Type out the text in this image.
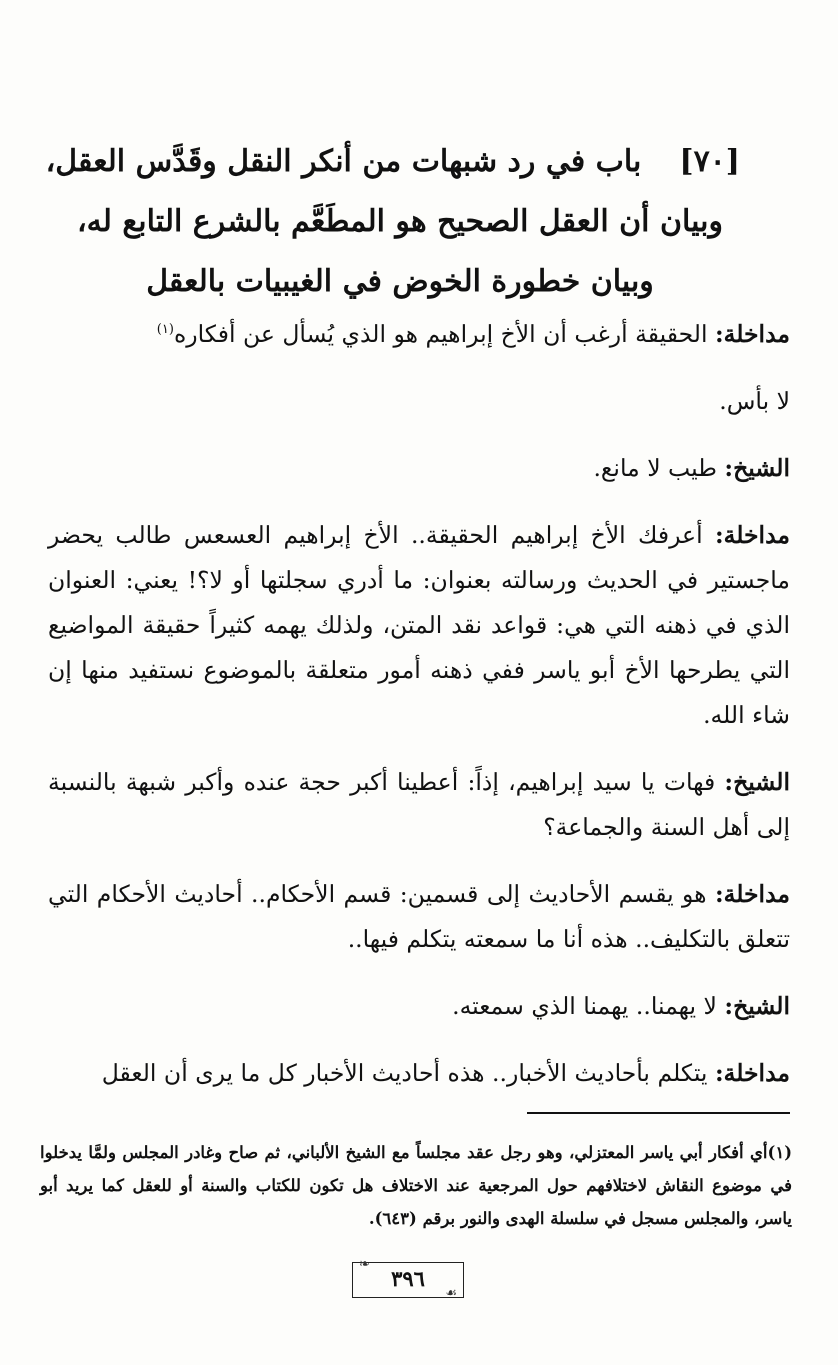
[٧٠]باب في رد شبهات من أنكر النقل وقَدَّس العقل،
وبيان أن العقل الصحيح هو المطَعَّم بالشرع التابع له،
وبيان خطورة الخوض في الغيبيات بالعقل

مداخلة: الحقيقة أرغب أن الأخ إبراهيم هو الذي يُسأل عن أفكاره$^{(١)}$

لا بأس.

الشيخ: طيب لا مانع.

مداخلة: أعرفك الأخ إبراهيم الحقيقة.. الأخ إبراهيم العسعس طالب يحضر ماجستير في الحديث ورسالته بعنوان: ما أدري سجلتها أو لا؟! يعني: العنوان الذي في ذهنه التي هي: قواعد نقد المتن، ولذلك يهمه كثيراً حقيقة المواضيع التي يطرحها الأخ أبو ياسر ففي ذهنه أمور متعلقة بالموضوع نستفيد منها إن شاء الله.

الشيخ: فهات يا سيد إبراهيم، إذاً: أعطينا أكبر حجة عنده وأكبر شبهة بالنسبة إلى أهل السنة والجماعة؟

مداخلة: هو يقسم الأحاديث إلى قسمين: قسم الأحكام.. أحاديث الأحكام التي تتعلق بالتكليف.. هذه أنا ما سمعته يتكلم فيها..

الشيخ: لا يهمنا.. يهمنا الذي سمعته.

مداخلة: يتكلم بأحاديث الأخبار.. هذه أحاديث الأخبار كل ما يرى أن العقل

(١)أي أفكار أبي ياسر المعتزلي، وهو رجل عقد مجلساً مع الشيخ الألباني، ثم صاح وغادر المجلس ولمَّا يدخلوا في موضوع النقاش لاختلافهم حول المرجعية عند الاختلاف هل تكون للكتاب والسنة أو للعقل كما يريد أبو ياسر، والمجلس مسجل في سلسلة الهدى والنور برقم (٦٤٣).

❧
٣٩٦
☙
